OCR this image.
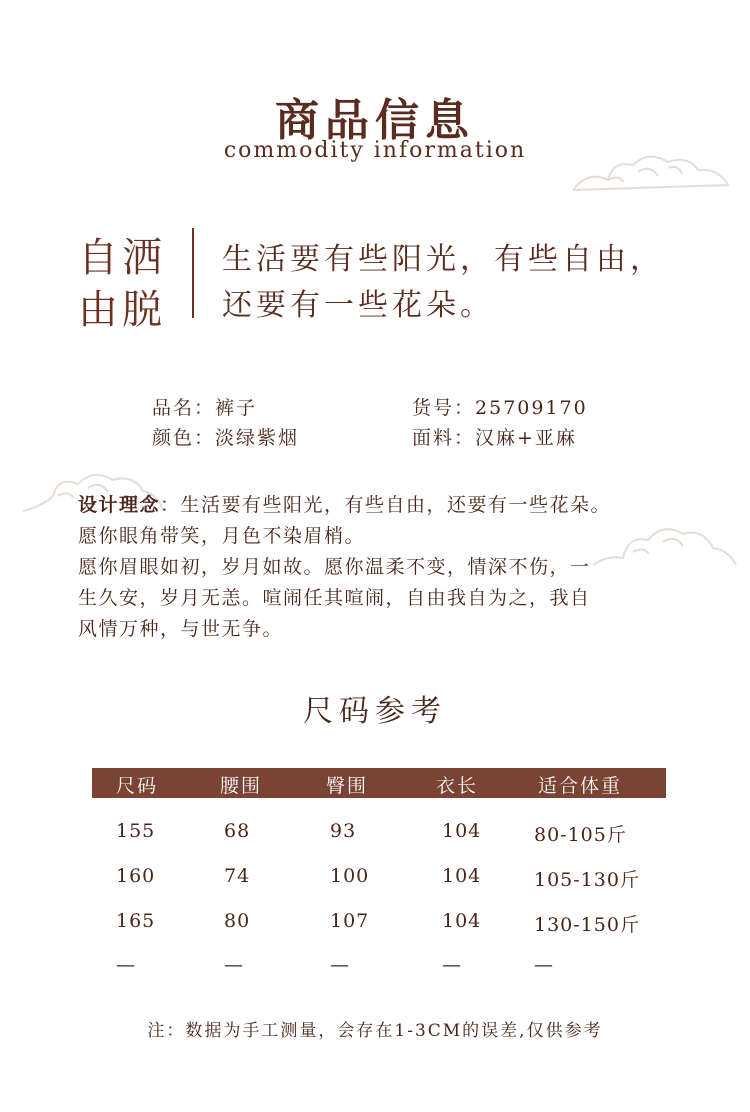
商品信息
commodity information
自洒
由脱
生活要有些阳光，有些自由，
还要有一些花朵。
品名：裤子	货号：25709170
颜色：淡绿紫烟	面料：汉麻+亚麻
设计理念：生活要有些阳光，有些自由，还要有一些花朵。
愿你眼角带笑，月色不染眉梢。
愿你眉眼如初，岁月如故。愿你温柔不变，情深不伤，一
生久安，岁月无恙。喧闹任其喧闹，自由我自为之，我自
风情万种，与世无争。
尺码参考
尺码	腰围	臀围	衣长	适合体重
155	68	93	104	80-105斤
160	74	100	104	105-130斤
165	80	107	104	130-150斤
—	—	—	—	—
注：数据为手工测量，会存在1-3CM的误差,仅供参考
